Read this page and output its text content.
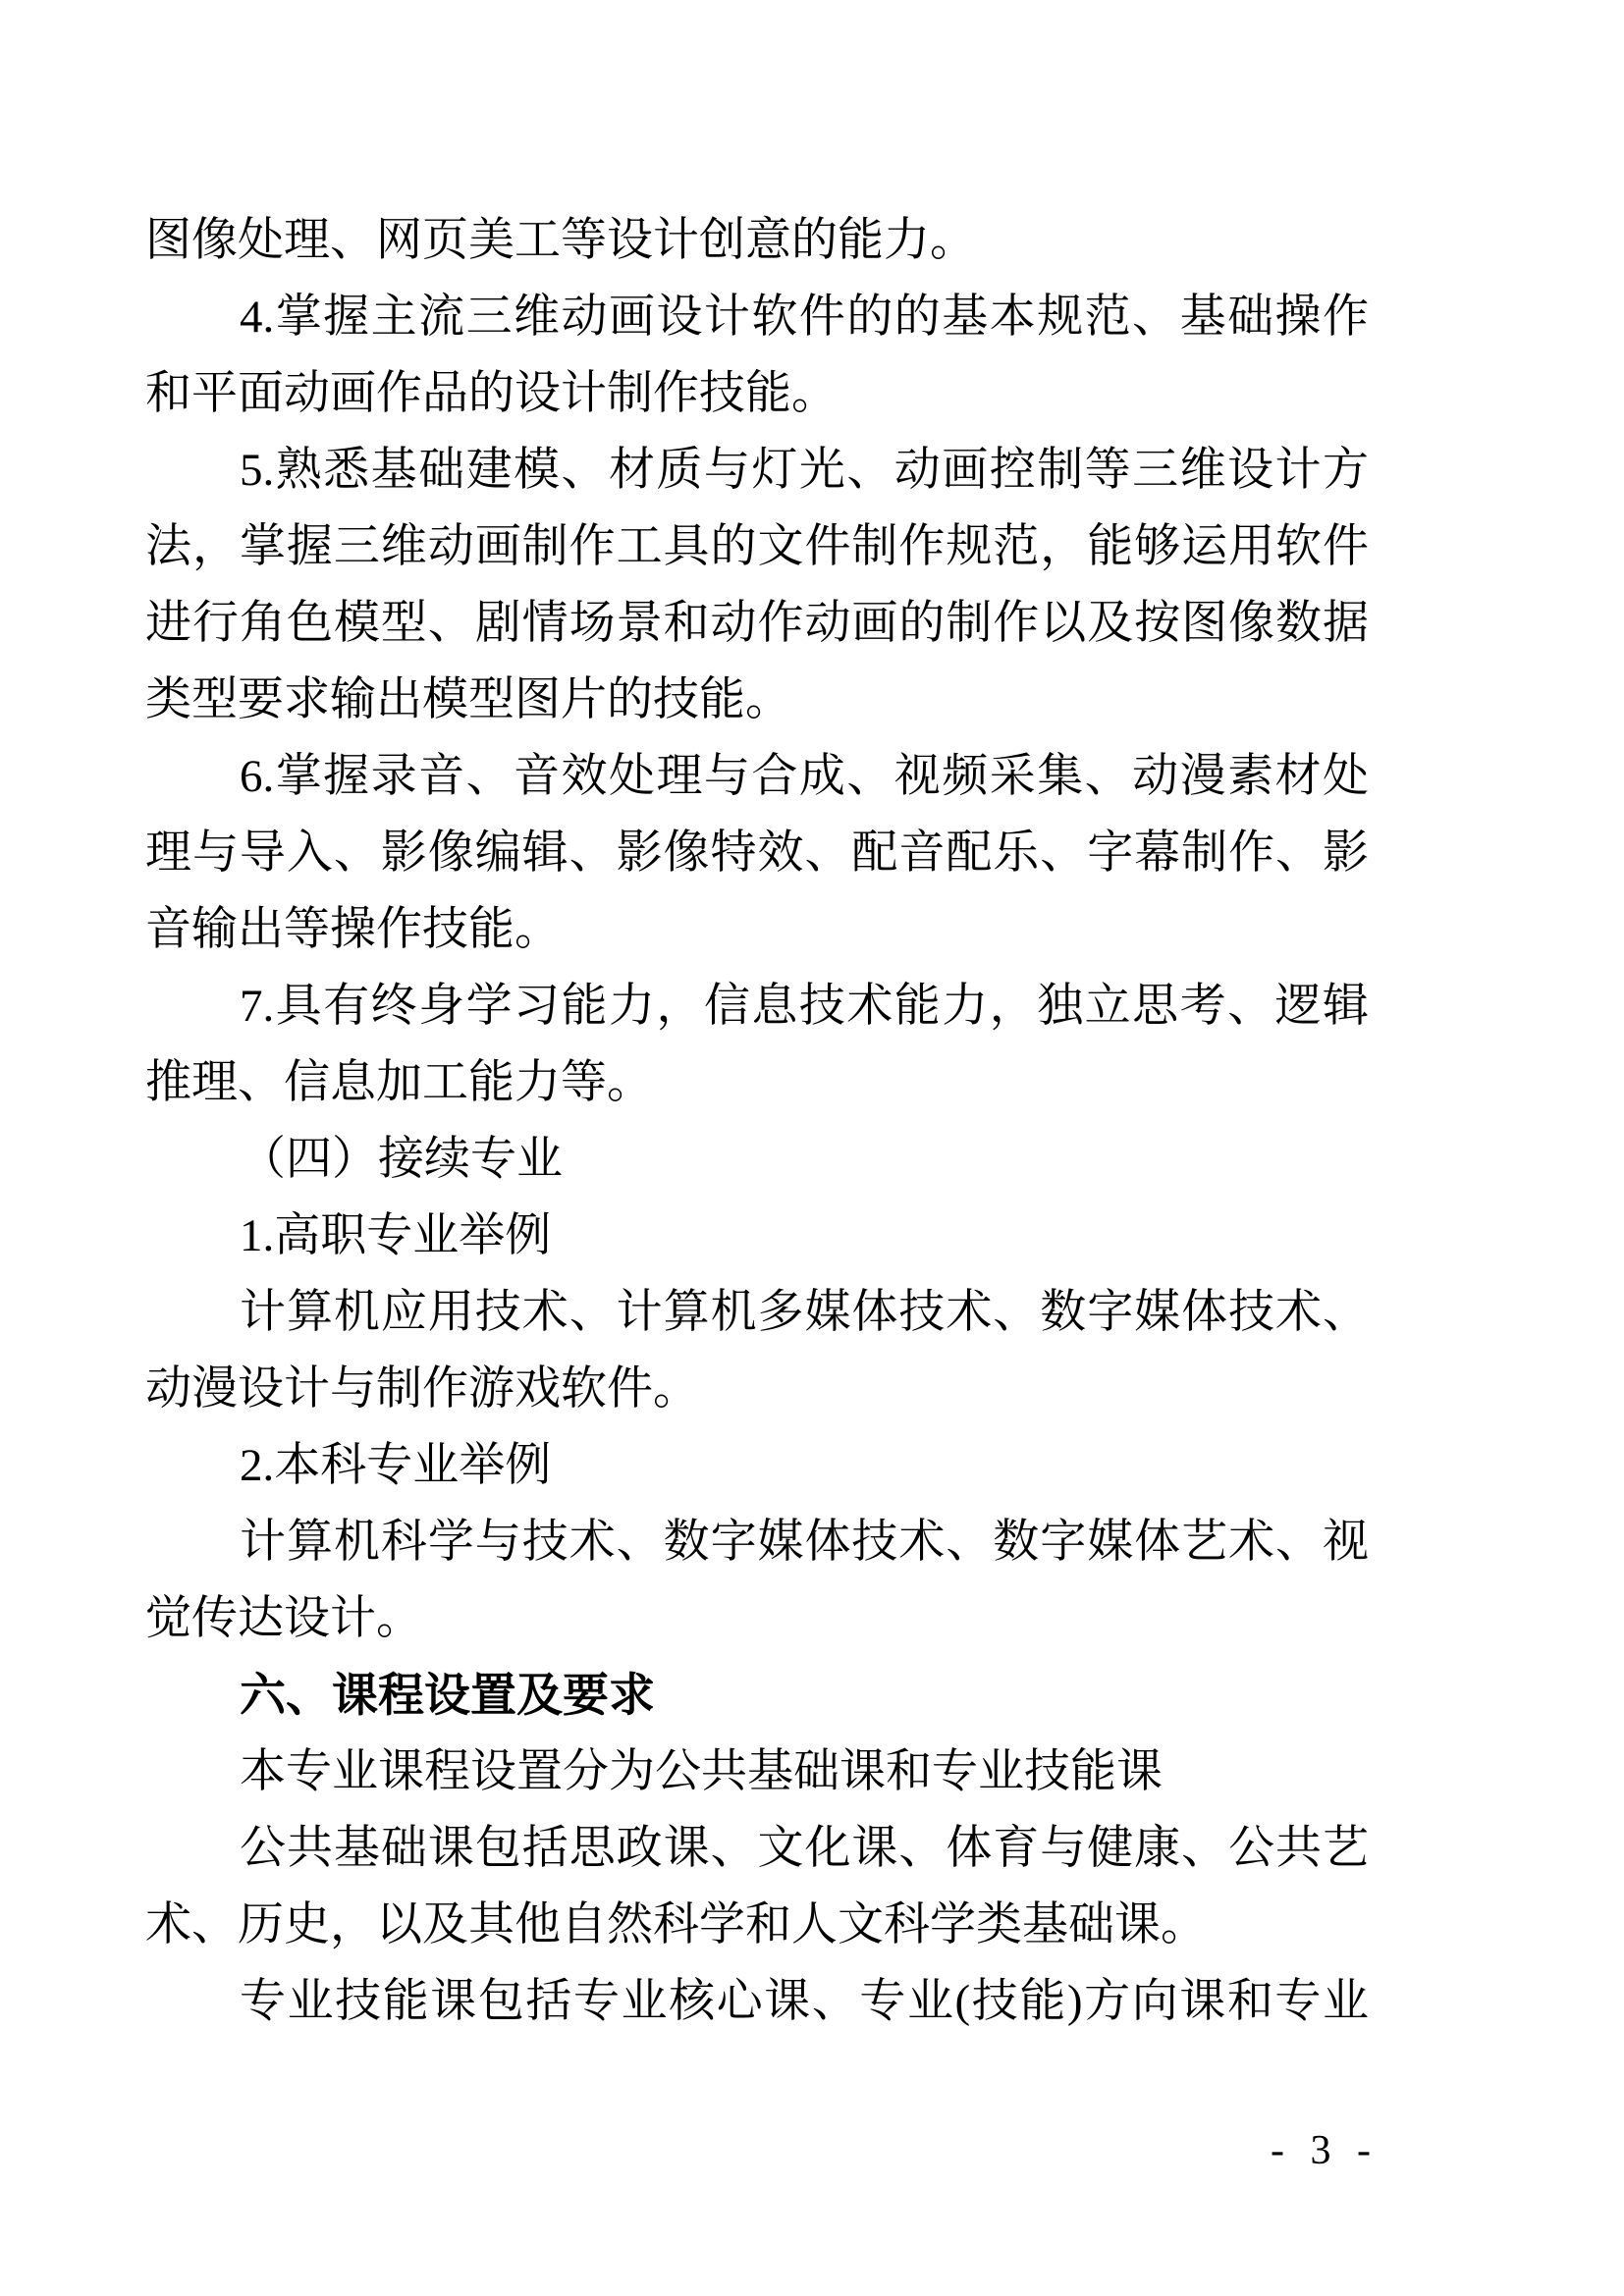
图像处理、网页美工等设计创意的能力。
4.掌握主流三维动画设计软件的的基本规范、基础操作
和平面动画作品的设计制作技能。
5.熟悉基础建模、材质与灯光、动画控制等三维设计方
法，掌握三维动画制作工具的文件制作规范，能够运用软件
进行角色模型、剧情场景和动作动画的制作以及按图像数据
类型要求输出模型图片的技能。
6.掌握录音、音效处理与合成、视频采集、动漫素材处
理与导入、影像编辑、影像特效、配音配乐、字幕制作、影
音输出等操作技能。
7.具有终身学习能力，信息技术能力，独立思考、逻辑
推理、信息加工能力等。
（四）接续专业
1.高职专业举例
计算机应用技术、计算机多媒体技术、数字媒体技术、
动漫设计与制作游戏软件。
2.本科专业举例
计算机科学与技术、数字媒体技术、数字媒体艺术、视
觉传达设计。
六、课程设置及要求
本专业课程设置分为公共基础课和专业技能课
公共基础课包括思政课、文化课、体育与健康、公共艺
术、历史，以及其他自然科学和人文科学类基础课。
专业技能课包括专业核心课、专业(技能)方向课和专业
- 3 -
